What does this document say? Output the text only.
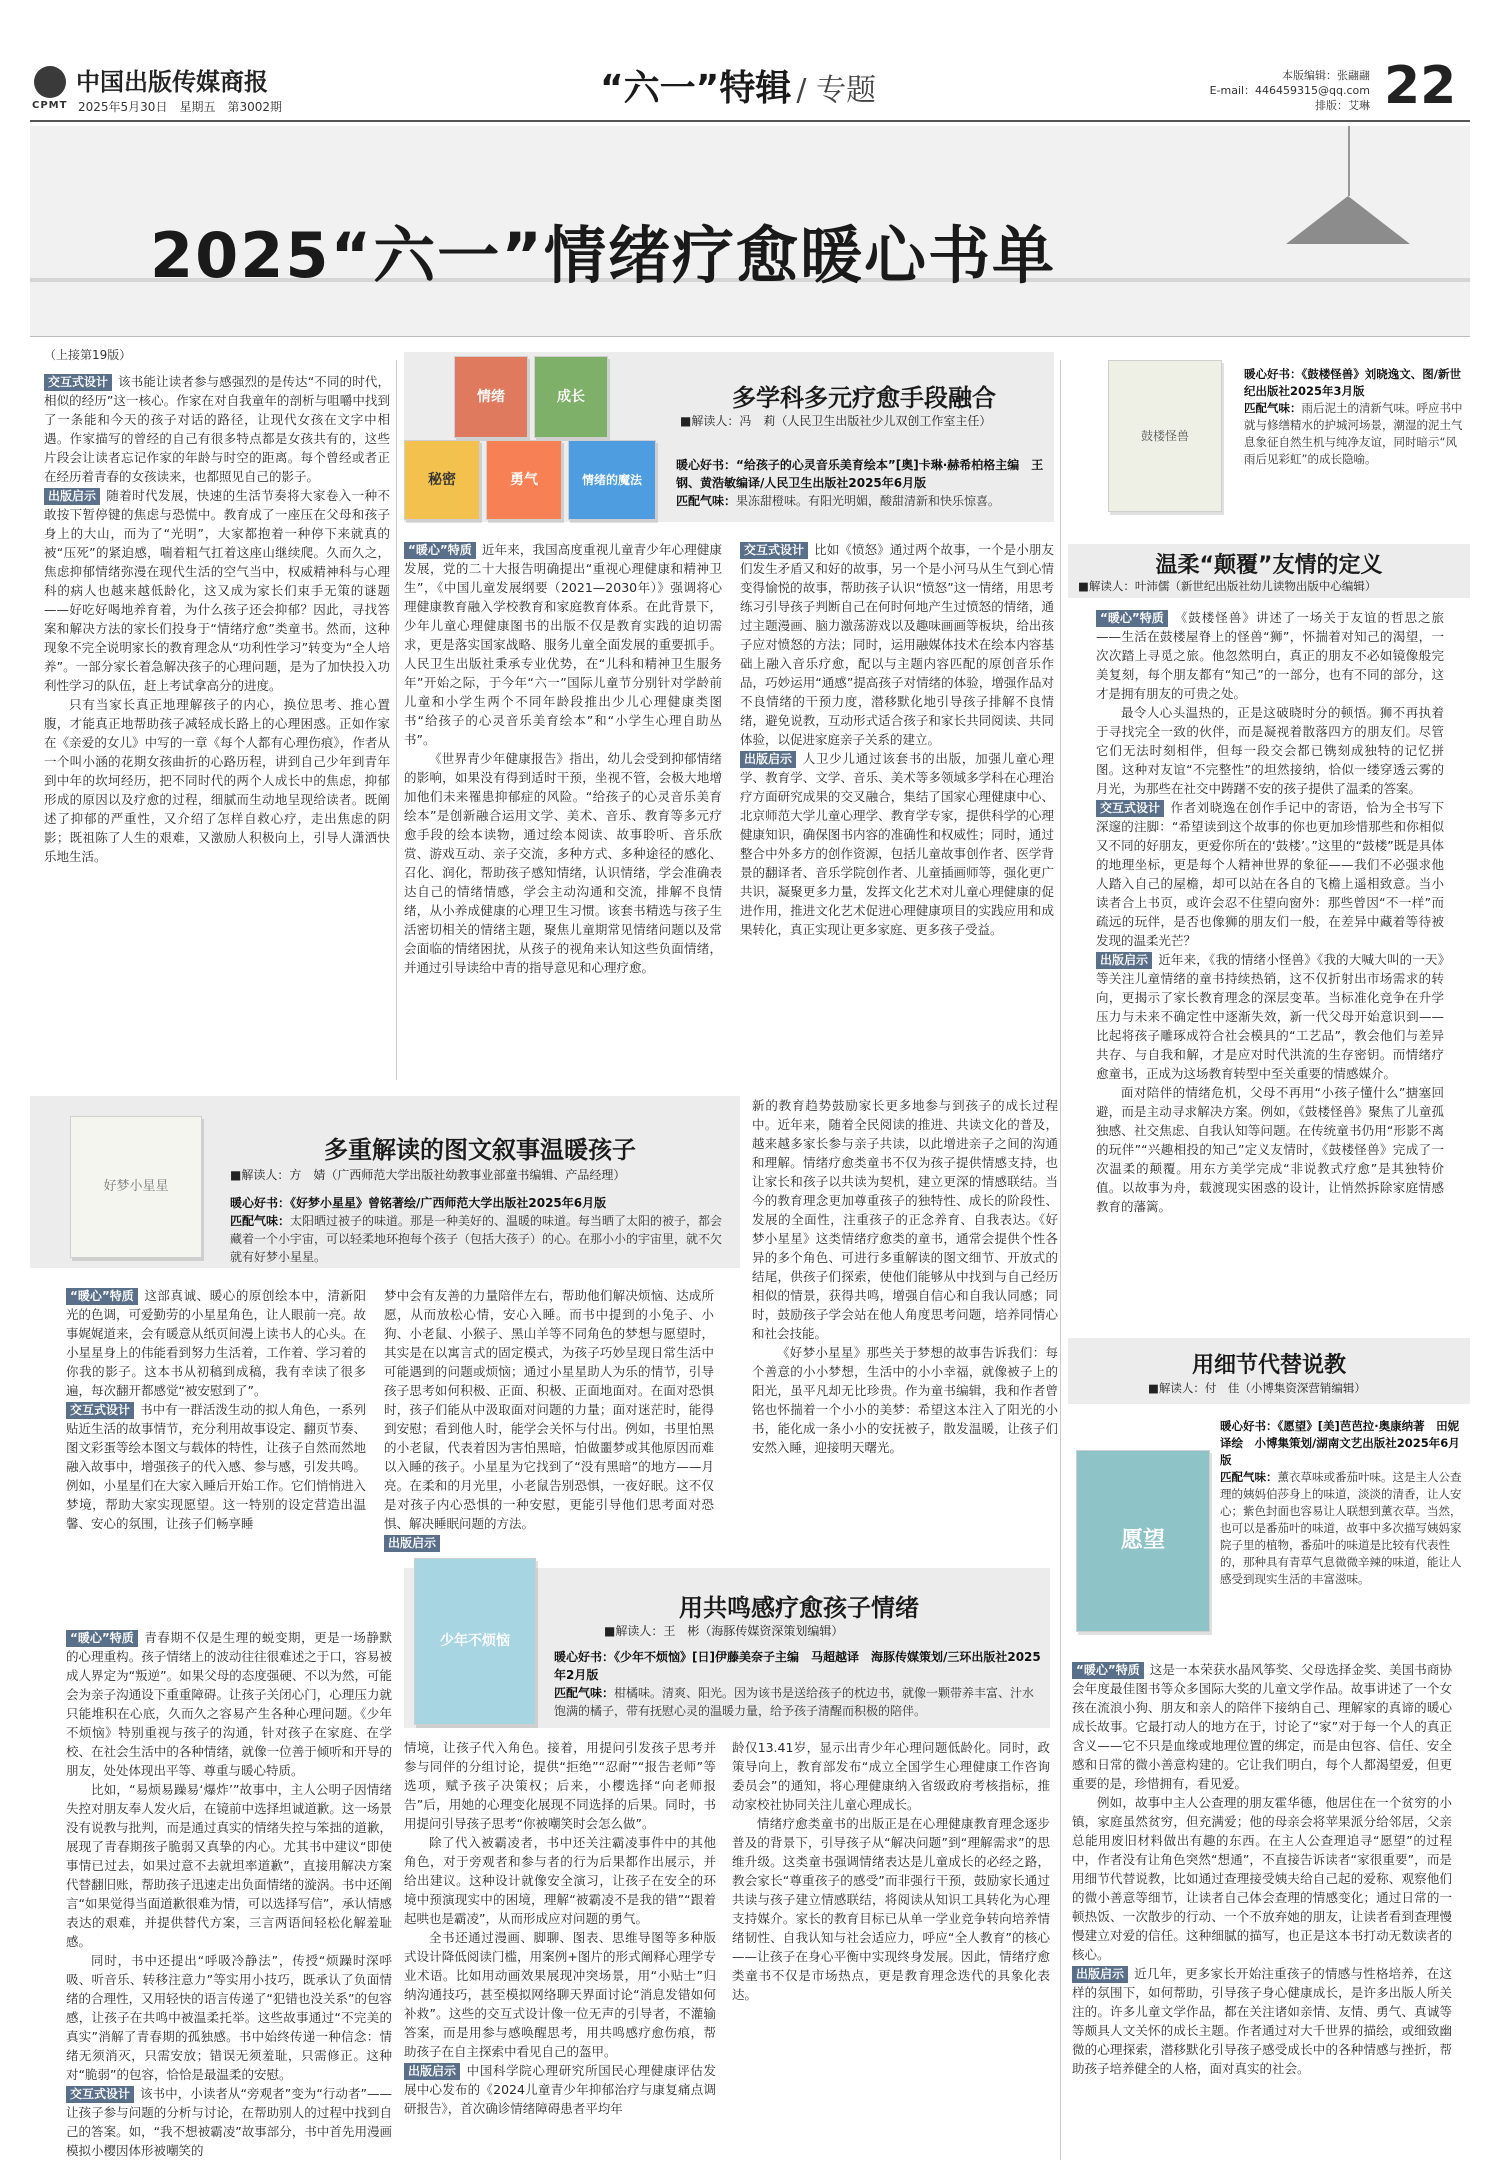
CPMT
中国出版传媒商报
2025年5月30日　星期五　第3002期	“六一”特辑 / 专题	本版编辑：张翮翮
E-mail：446459315@qq.com
排版：艾琳 22
2025“六一”情绪疗愈暖心书单
（上接第19版）
交互式设计 该书能让读者参与感强烈的是传达“不同的时代，相似的经历”这一核心。作家在对自我童年的剖析与咀嚼中找到了一条能和今天的孩子对话的路径，让现代女孩在文字中相遇。作家描写的曾经的自己有很多特点都是女孩共有的，这些片段会让读者忘记作家的年龄与时空的距离。每个曾经或者正在经历着青春的女孩读来，也都照见自己的影子。
出版启示 随着时代发展，快速的生活节奏将大家卷入一种不敢按下暂停键的焦虑与恐慌中。教育成了一座压在父母和孩子身上的大山，而为了“光明”，大家都抱着一种停下来就真的被“压死”的紧迫感，喘着粗气扛着这座山继续爬。久而久之，焦虑抑郁情绪弥漫在现代生活的空气当中，权威精神科与心理科的病人也越来越低龄化，这又成为家长们束手无策的谜题——好吃好喝地养育着，为什么孩子还会抑郁？因此，寻找答案和解决方法的家长们投身于“情绪疗愈”类童书。然而，这种现象不完全说明家长的教育理念从“功利性学习”转变为“全人培养”。一部分家长着急解决孩子的心理问题，是为了加快投入功利性学习的队伍，赶上考试拿高分的进度。
只有当家长真正地理解孩子的内心，换位思考、推心置腹，才能真正地帮助孩子减轻成长路上的心理困惑。正如作家在《亲爱的女儿》中写的一章《每个人都有心理伤痕》，作者从一个叫小涵的花期女孩曲折的心路历程，讲到自己少年到青年到中年的坎坷经历，把不同时代的两个人成长中的焦虑，抑郁形成的原因以及疗愈的过程，细腻而生动地呈现给读者。既阐述了抑郁的严重性，又介绍了怎样自救心疗，走出焦虑的阴影；既祖陈了人生的艰难，又激励人积极向上，引导人潇洒快乐地生活。
情绪	成长
秘密	勇气	情绪的魔法
多学科多元疗愈手段融合
■解读人：冯　莉（人民卫生出版社少儿双创工作室主任）
暖心好书：“给孩子的心灵音乐美育绘本”[奥]卡琳·赫希柏格主编　王钢、黄浩敏编译/人民卫生出版社2025年6月版
匹配气味：果冻甜橙味。有阳光明媚，酸甜清新和快乐惊喜。
“暖心”特质 近年来，我国高度重视儿童青少年心理健康发展，党的二十大报告明确提出“重视心理健康和精神卫生”，《中国儿童发展纲要（2021—2030年）》强调将心理健康教育融入学校教育和家庭教育体系。在此背景下，少年儿童心理健康图书的出版不仅是教育实践的迫切需求，更是落实国家战略、服务儿童全面发展的重要抓手。人民卫生出版社秉承专业优势，在“儿科和精神卫生服务年”开始之际，于今年“六一”国际儿童节分别针对学龄前儿童和小学生两个不同年龄段推出少儿心理健康类图书“给孩子的心灵音乐美育绘本”和“小学生心理自助丛书”。
《世界青少年健康报告》指出，幼儿会受到抑郁情绪的影响，如果没有得到适时干预，坐视不管，会极大地增加他们未来罹患抑郁症的风险。“给孩子的心灵音乐美育绘本”是创新融合运用文学、美术、音乐、教育等多元疗愈手段的绘本读物，通过绘本阅读、故事聆听、音乐欣赏、游戏互动、亲子交流，多种方式、多种途径的感化、召化、润化，帮助孩子感知情绪，认识情绪，学会准确表达自己的情绪情感，学会主动沟通和交流，排解不良情绪，从小养成健康的心理卫生习惯。该套书精选与孩子生活密切相关的情绪主题，聚焦儿童期常见情绪问题以及常会面临的情绪困扰，从孩子的视角来认知这些负面情绪，并通过引导读给中青的指导意见和心理疗愈。
交互式设计 比如《愤怒》通过两个故事，一个是小朋友们发生矛盾又和好的故事，另一个是小河马从生气到心情变得愉悦的故事，帮助孩子认识“愤怒”这一情绪，用思考练习引导孩子判断自己在何时何地产生过愤怒的情绪，通过主题漫画、脑力激荡游戏以及趣味画画等板块，给出孩子应对愤怒的方法；同时，运用融媒体技术在绘本内容基础上融入音乐疗愈，配以与主题内容匹配的原创音乐作品，巧妙运用“通感”提高孩子对情绪的体验，增强作品对不良情绪的干预力度，潜移默化地引导孩子排解不良情绪，避免说教，互动形式适合孩子和家长共同阅读、共同体验，以促进家庭亲子关系的建立。
出版启示 人卫少儿通过该套书的出版，加强儿童心理学、教育学、文学、音乐、美术等多领域多学科在心理治疗方面研究成果的交叉融合，集结了国家心理健康中心、北京师范大学儿童心理学、教育学专家，提供科学的心理健康知识，确保图书内容的准确性和权威性；同时，通过整合中外多方的创作资源，包括儿童故事创作者、医学背景的翻译者、音乐学院创作者、儿童插画师等，强化更广共识，凝聚更多力量，发挥文化艺术对儿童心理健康的促进作用，推进文化艺术促进心理健康项目的实践应用和成果转化，真正实现让更多家庭、更多孩子受益。
好梦小星星
多重解读的图文叙事温暖孩子
■解读人：方　婧（广西师范大学出版社幼教事业部童书编辑、产品经理）
暖心好书：《好梦小星星》曾铭著绘/广西师范大学出版社2025年6月版
匹配气味：太阳晒过被子的味道。那是一种美好的、温暖的味道。每当晒了太阳的被子，都会藏着一个小宇宙，可以轻柔地环抱每个孩子（包括大孩子）的心。在那小小的宇宙里，就不欠就有好梦小星星。
“暖心”特质 这部真诚、暖心的原创绘本中，清新阳光的色调，可爱勤劳的小星星角色，让人眼前一亮。故事娓娓道来，会有暖意从纸页间漫上读书人的心头。在小星星身上的伟能看到努力生活着，工作着、学习着的你我的影子。这本书从初稿到成稿，我有幸读了很多遍，每次翻开都感觉“被安慰到了”。
交互式设计 书中有一群活泼生动的拟人角色，一系列贴近生活的故事情节，充分利用故事设定、翻页节奏、图文彩蛋等绘本图文与载体的特性，让孩子自然而然地融入故事中，增强孩子的代入感、参与感，引发共鸣。例如，小星星们在大家入睡后开始工作。它们悄悄进入梦境，帮助大家实现愿望。这一特别的设定营造出温馨、安心的氛围，让孩子们畅享睡
梦中会有友善的力量陪伴左右，帮助他们解决烦恼、达成所愿，从而放松心情，安心入睡。而书中提到的小兔子、小狗、小老鼠、小猴子、黑山羊等不同角色的梦想与愿望时，其实是在以寓言式的固定模式，为孩子巧妙呈现日常生活中可能遇到的问题或烦恼；通过小星星助人为乐的情节，引导孩子思考如何积极、正面、积极、正面地面对。在面对恐惧时，孩子们能从中汲取面对问题的力量；面对迷茫时，能得到安慰；看到他人时，能学会关怀与付出。例如，书里怕黑的小老鼠，代表着因为害怕黑暗，怕做噩梦或其他原因而难以入睡的孩子。小星星为它找到了“没有黑暗”的地方——月亮。在柔和的月光里，小老鼠告别恐惧，一夜好眠。这不仅是对孩子内心恐惧的一种安慰，更能引导他们思考面对恐惧、解决睡眠问题的方法。
出版启示
新的教育趋势鼓励家长更多地参与到孩子的成长过程中。近年来，随着全民阅读的推进、共读文化的普及，越来越多家长参与亲子共读，以此增进亲子之间的沟通和理解。情绪疗愈类童书不仅为孩子提供情感支持，也让家长和孩子以共读为契机，建立更深的情感联结。当今的教育理念更加尊重孩子的独特性、成长的阶段性、发展的全面性，注重孩子的正念养育、自我表达。《好梦小星星》这类情绪疗愈类的童书，通常会提供个性各异的多个角色、可进行多重解读的图文细节、开放式的结尾，供孩子们探索，使他们能够从中找到与自己经历相似的情景，获得共鸣，增强自信心和自我认同感；同时，鼓励孩子学会站在他人角度思考问题，培养同情心和社会技能。
《好梦小星星》那些关于梦想的故事告诉我们：每个善意的小小梦想，生活中的小小幸福，就像被子上的阳光，虽平凡却无比珍贵。作为童书编辑，我和作者曾铭也怀揣着一个小小的美梦：希望这本注入了阳光的小书，能化成一条小小的安抚被子，散发温暖，让孩子们安然入睡，迎接明天曙光。
“暖心”特质 青春期不仅是生理的蜕变期，更是一场静默的心理重构。孩子情绪上的波动往往很难述之于口，容易被成人界定为“叛逆”。如果父母的态度强硬、不以为然，可能会为亲子沟通设下重重障碍。让孩子关闭心门，心理压力就只能堆积在心底，久而久之容易产生各种心理问题。《少年不烦恼》特别重视与孩子的沟通，针对孩子在家庭、在学校、在社会生活中的各种情绪，就像一位善于倾听和开导的朋友，处处体现出平等、尊重与暖心特质。
比如，“易烦易躁易‘爆炸’”故事中，主人公明子因情绪失控对朋友奉人发火后，在镜前中选择坦诚道歉。这一场景没有说教与批判，而是通过真实的情绪失控与笨拙的道歉，展现了青春期孩子脆弱又真挚的内心。尤其书中建议“即使事情已过去，如果过意不去就坦率道歉”，直接用解决方案代替翻旧账，帮助孩子迅速走出负面情绪的漩涡。书中还阐言“如果觉得当面道歉很难为情，可以选择写信”，承认情感表达的艰难，并提供替代方案，三言两语间轻松化解羞耻感。
同时，书中还提出“呼吸冷静法”，传授“烦躁时深呼吸、听音乐、转移注意力”等实用小技巧，既承认了负面情绪的合理性，又用轻快的语言传递了“犯错也没关系”的包容感，让孩子在共鸣中被温柔托举。这些故事通过“不完美的真实”消解了青春期的孤独感。书中始终传递一种信念：情绪无须消灭，只需安放；错误无须羞耻，只需修正。这种对“脆弱”的包容，恰恰是最温柔的安慰。
交互式设计 该书中，小读者从“旁观者”变为“行动者”——让孩子参与问题的分析与讨论，在帮助别人的过程中找到自己的答案。如，“我不想被霸凌”故事部分，书中首先用漫画模拟小樱因体形被嘲笑的
少年不烦恼
用共鸣感疗愈孩子情绪
■解读人：王　彬（海豚传媒资深策划编辑）
暖心好书：《少年不烦恼》[日]伊藤美奈子主编　马超越译　海豚传媒策划/三环出版社2025年2月版
匹配气味：柑橘味。清爽、阳光。因为该书是送给孩子的枕边书，就像一颗带养丰富、汁水饱满的橘子，带有抚慰心灵的温暖力量，给予孩子清醒而积极的陪伴。
情境，让孩子代入角色。接着，用提问引发孩子思考并参与同伴的分组讨论，提供“拒绝”“忍耐”“报告老师”等选项，赋予孩子决策权；后来，小樱选择“向老师报告”后，用她的心理变化展现不同选择的后果。同时，书用提问引导孩子思考“你被嘲笑时会怎么做”。
除了代入被霸凌者，书中还关注霸凌事件中的其他角色，对于旁观者和参与者的行为后果都作出展示，并给出建议。这种设计就像安全演习，让孩子在安全的环境中预演现实中的困境，理解“被霸凌不是我的错”“跟着起哄也是霸凌”，从而形成应对问题的勇气。
全书还通过漫画、脚聊、图表、思维导图等多种版式设计降低阅读门槛，用案例+图片的形式阐释心理学专业术语。比如用动画效果展现冲突场景，用“小贴士”归纳沟通技巧，甚至模拟网络聊天界面讨论“消息发错如何补救”。这些的交互式设计像一位无声的引导者，不灌输答案，而是用参与感唤醒思考，用共鸣感疗愈伤痕，帮助孩子在自主探索中看见自己的盔甲。
出版启示 中国科学院心理研究所国民心理健康评估发展中心发布的《2024儿童青少年抑郁治疗与康复痛点调研报告》，首次确诊情绪障碍患者平均年
龄仅13.41岁，显示出青少年心理问题低龄化。同时，政策导向上，教育部发布“成立全国学生心理健康工作咨询委员会”的通知，将心理健康纳入省级政府考核指标，推动家校社协同关注儿童心理成长。
情绪疗愈类童书的出版正是在心理健康教育理念逐步普及的背景下，引导孩子从“解决问题”到“理解需求”的思维升级。这类童书强调情绪表达是儿童成长的必经之路，教会家长“尊重孩子的感受”而非强行干预，鼓励家长通过共读与孩子建立情感联结，将阅读从知识工具转化为心理支持媒介。家长的教育目标已从单一学业竞争转向培养情绪韧性、自我认知与社会适应力，呼应“全人教育”的核心——让孩子在身心平衡中实现终身发展。因此，情绪疗愈类童书不仅是市场热点，更是教育理念迭代的具象化表达。
鼓楼怪兽
暖心好书：《鼓楼怪兽》刘晓逸文、图/新世纪出版社2025年3月版
匹配气味：雨后泥土的清新气味。呼应书中就与修缮精水的护城河场景，潮湿的泥土气息象征自然生机与纯净友谊，同时暗示“风雨后见彩虹”的成长隐喻。
温柔“颠覆”友情的定义
■解读人：叶沛儒（新世纪出版社幼儿读物出版中心编辑）
“暖心”特质 《鼓楼怪兽》讲述了一场关于友谊的哲思之旅——生活在鼓楼屋脊上的怪兽“狮”，怀揣着对知己的渴望，一次次踏上寻觅之旅。他忽然明白，真正的朋友不必如镜像般完美复刻，每个朋友都有“知己”的一部分，也有不同的部分，这才是拥有朋友的可贵之处。
最令人心头温热的，正是这破晓时分的顿悟。狮不再执着于寻找完全一致的伙伴，而是凝视着散落四方的朋友们。尽管它们无法时刻相伴，但每一段交会都已镌刻成独特的记忆拼图。这种对友谊“不完整性”的坦然接纳，恰似一缕穿透云雾的月光，为那些在社交中踌躇不安的孩子提供了温柔的答案。
交互式设计 作者刘晓逸在创作手记中的寄语，恰为全书写下深邃的注脚：“希望读到这个故事的你也更加珍惜那些和你相似又不同的好朋友，更爱你所在的‘鼓楼’。”这里的“鼓楼”既是具体的地理坐标，更是每个人精神世界的象征——我们不必强求他人踏入自己的屋檐，却可以站在各自的飞檐上遥相致意。当小读者合上书页，或许会忍不住望向窗外：那些曾因“不一样”而疏远的玩伴，是否也像狮的朋友们一般，在差异中藏着等待被发现的温柔光芒？
出版启示 近年来，《我的情绪小怪兽》《我的大喊大叫的一天》等关注儿童情绪的童书持续热销，这不仅折射出市场需求的转向，更揭示了家长教育理念的深层变革。当标准化竞争在升学压力与未来不确定性中逐渐失效，新一代父母开始意识到——比起将孩子雕琢成符合社会模具的“工艺品”，教会他们与差异共存、与自我和解，才是应对时代洪流的生存密钥。而情绪疗愈童书，正成为这场教育转型中至关重要的情感媒介。
面对陪伴的情绪危机，父母不再用“小孩子懂什么”搪塞回避，而是主动寻求解决方案。例如，《鼓楼怪兽》聚焦了儿童孤独感、社交焦虑、自我认知等问题。在传统童书仍用“形影不离的玩伴”“兴趣相投的知己”定义友情时，《鼓楼怪兽》完成了一次温柔的颠覆。用东方美学完成“非说教式疗愈”是其独特价值。以故事为舟，载渡现实困惑的设计，让悄然拆除家庭情感教育的藩篱。
用细节代替说教
■解读人：付　佳（小博集资深营销编辑）
愿望
暖心好书：《愿望》[美]芭芭拉·奥康纳著　田妮译绘　小博集策划/湖南文艺出版社2025年6月版
匹配气味：薰衣草味或番茄叶味。这是主人公查理的姨妈伯莎身上的味道，淡淡的清香，让人安心；紫色封面也容易让人联想到薰衣草。当然，也可以是番茄叶的味道，故事中多次描写姨妈家院子里的植物，番茄叶的味道是比较有代表性的，那种具有青草气息微微辛辣的味道，能让人感受到现实生活的丰富滋味。
“暖心”特质 这是一本荣获水晶风筝奖、父母选择金奖、美国书商协会年度最佳图书等众多国际大奖的儿童文学作品。故事讲述了一个女孩在流浪小狗、朋友和亲人的陪伴下接纳自己、理解家的真谛的暖心成长故事。它最打动人的地方在于，讨论了“家”对于每一个人的真正含义——它不只是血缘或地理位置的绑定，而是由包容、信任、安全感和日常的微小善意构建的。它让我们明白，每个人都渴望爱，但更重要的是，珍惜拥有，看见爱。
例如，故事中主人公查理的朋友霍华德，他居住在一个贫穷的小镇，家庭虽然贫穷，但充满爱；他的母亲会将苹果派分给邻居，父亲总能用废旧材料做出有趣的东西。在主人公查理追寻“愿望”的过程中，作者没有让角色突然“想通”，不直接告诉读者“家很重要”，而是用细节代替说教，比如通过查理接受姨夫给自己起的爱称、观察他们的微小善意等细节，让读者自己体会查理的情感变化；通过日常的一顿热饭、一次散步的行动、一个不放弃她的朋友，让读者看到查理慢慢建立对爱的信任。这种细腻的描写，也正是这本书打动无数读者的核心。
出版启示 近几年，更多家长开始注重孩子的情感与性格培养，在这样的氛围下，如何帮助，引导孩子身心健康成长，是许多出版人所关注的。许多儿童文学作品，都在关注诸如亲情、友情、勇气、真诚等等颇具人文关怀的成长主题。作者通过对大千世界的描绘，或细致幽微的心理探索，潜移默化引导孩子感受成长中的各种情感与挫折，帮助孩子培养健全的人格，面对真实的社会。
